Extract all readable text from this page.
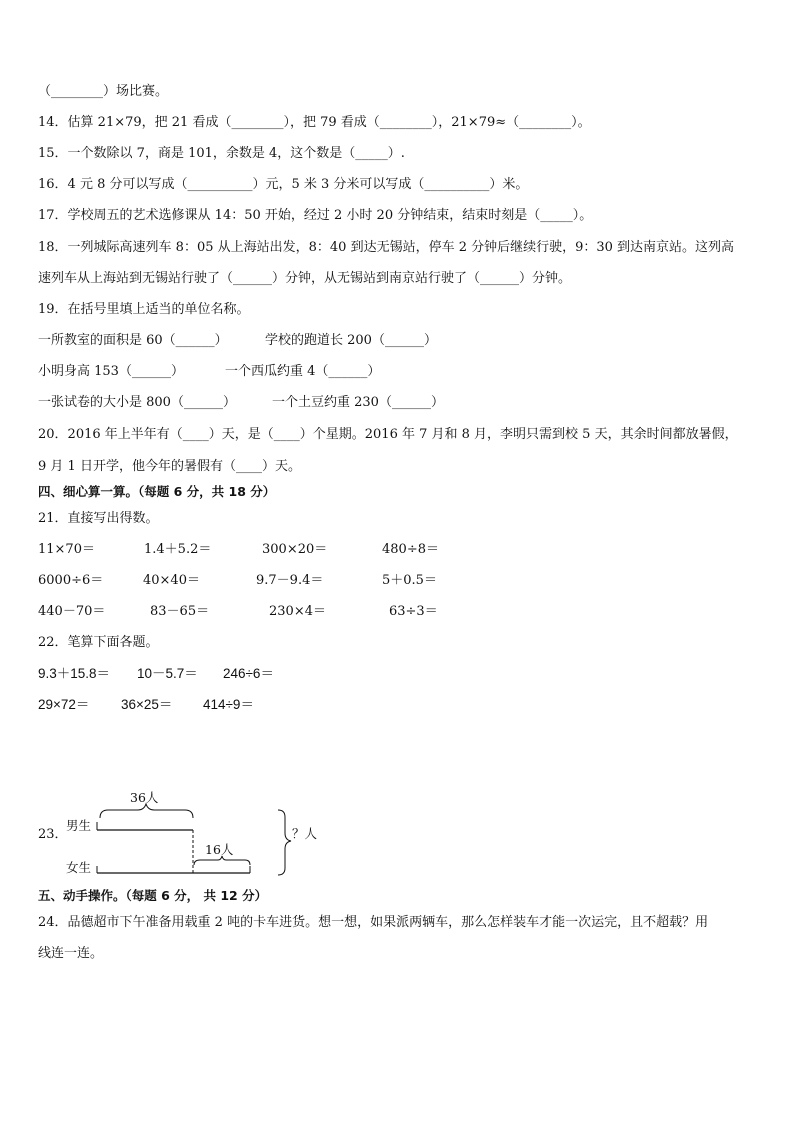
（________）场比赛。
14．估算 21×79，把 21 看成（________），把 79 看成（________），21×79≈（________）。
15．一个数除以 7，商是 101，余数是 4，这个数是（_____）.
16．4 元 8 分可以写成（__________）元，5 米 3 分米可以写成（__________）米。
17．学校周五的艺术选修课从 14：50 开始，经过 2 小时 20 分钟结束，结束时刻是（_____）。
18．一列城际高速列车 8：05 从上海站出发，8：40 到达无锡站，停车 2 分钟后继续行驶，9：30 到达南京站。这列高
速列车从上海站到无锡站行驶了（______）分钟，从无锡站到南京站行驶了（______）分钟。
19．在括号里填上适当的单位名称。
一所教室的面积是 60（______）	学校的跑道长 200（______）
小明身高 153（______）	一个西瓜约重 4（______）
一张试卷的大小是 800（______）	一个土豆约重 230（______）
20．2016 年上半年有（____）天，是（____）个星期。2016 年 7 月和 8 月，李明只需到校 5 天，其余时间都放暑假，
9 月 1 日开学，他今年的暑假有（____）天。
四、细心算一算。（每题 6 分，共 18 分）
21．直接写出得数。
11×70＝	1.4＋5.2＝	300×20＝	480÷8＝
6000÷6＝	40×40＝	9.7－9.4＝	5＋0.5＝
440－70＝	83－65＝	230×4＝	63÷3＝
22．笔算下面各题。
9.3＋15.8＝ 10－5.7＝ 246÷6＝
29×72＝ 36×25＝ 414÷9＝
23．
36人
男生
女生
16人
？人
五、动手操作。（每题 6 分， 共 12 分）
24．品德超市下午准备用载重 2 吨的卡车进货。想一想，如果派两辆车，那么怎样装车才能一次运完，且不超载？用
线连一连。
